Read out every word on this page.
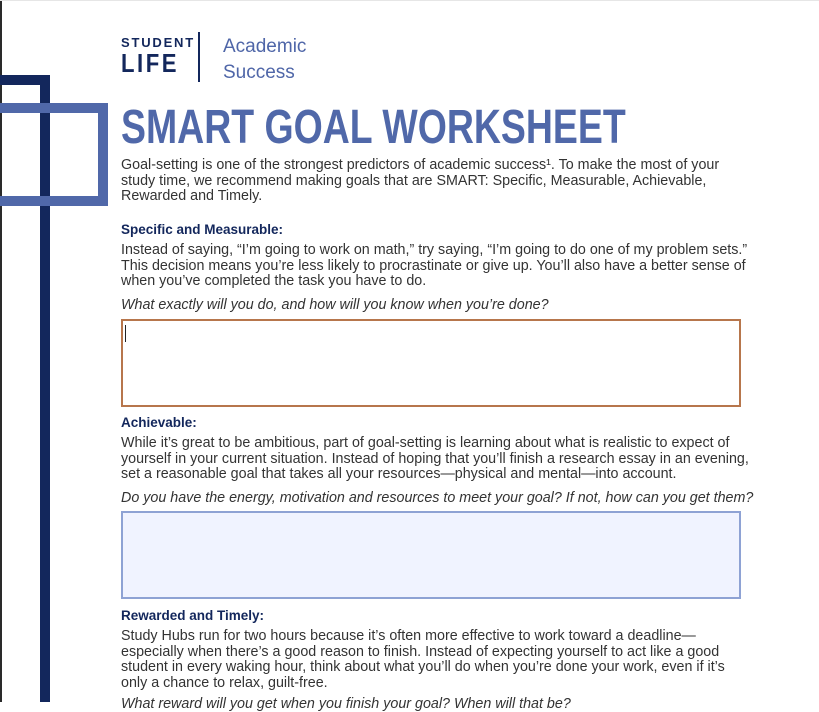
STUDENT
LIFE
Academic
Success
SMART GOAL WORKSHEET
Goal-setting is one of the strongest predictors of academic success¹. To make the most of your study time, we recommend making goals that are SMART: Specific, Measurable, Achievable, Rewarded and Timely.
Specific and Measurable:
Instead of saying, “I’m going to work on math,” try saying, “I’m going to do one of my problem sets.” This decision means you’re less likely to procrastinate or give up. You’ll also have a better sense of when you’ve completed the task you have to do.
What exactly will you do, and how will you know when you’re done?
Achievable:
While it’s great to be ambitious, part of goal-setting is learning about what is realistic to expect of yourself in your current situation. Instead of hoping that you’ll finish a research essay in an evening, set a reasonable goal that takes all your resources—physical and mental—into account.
Do you have the energy, motivation and resources to meet your goal? If not, how can you get them?
Rewarded and Timely:
Study Hubs run for two hours because it’s often more effective to work toward a deadline—especially when there’s a good reason to finish. Instead of expecting yourself to act like a good student in every waking hour, think about what you’ll do when you’re done your work, even if it’s only a chance to relax, guilt-free.
What reward will you get when you finish your goal? When will that be?
